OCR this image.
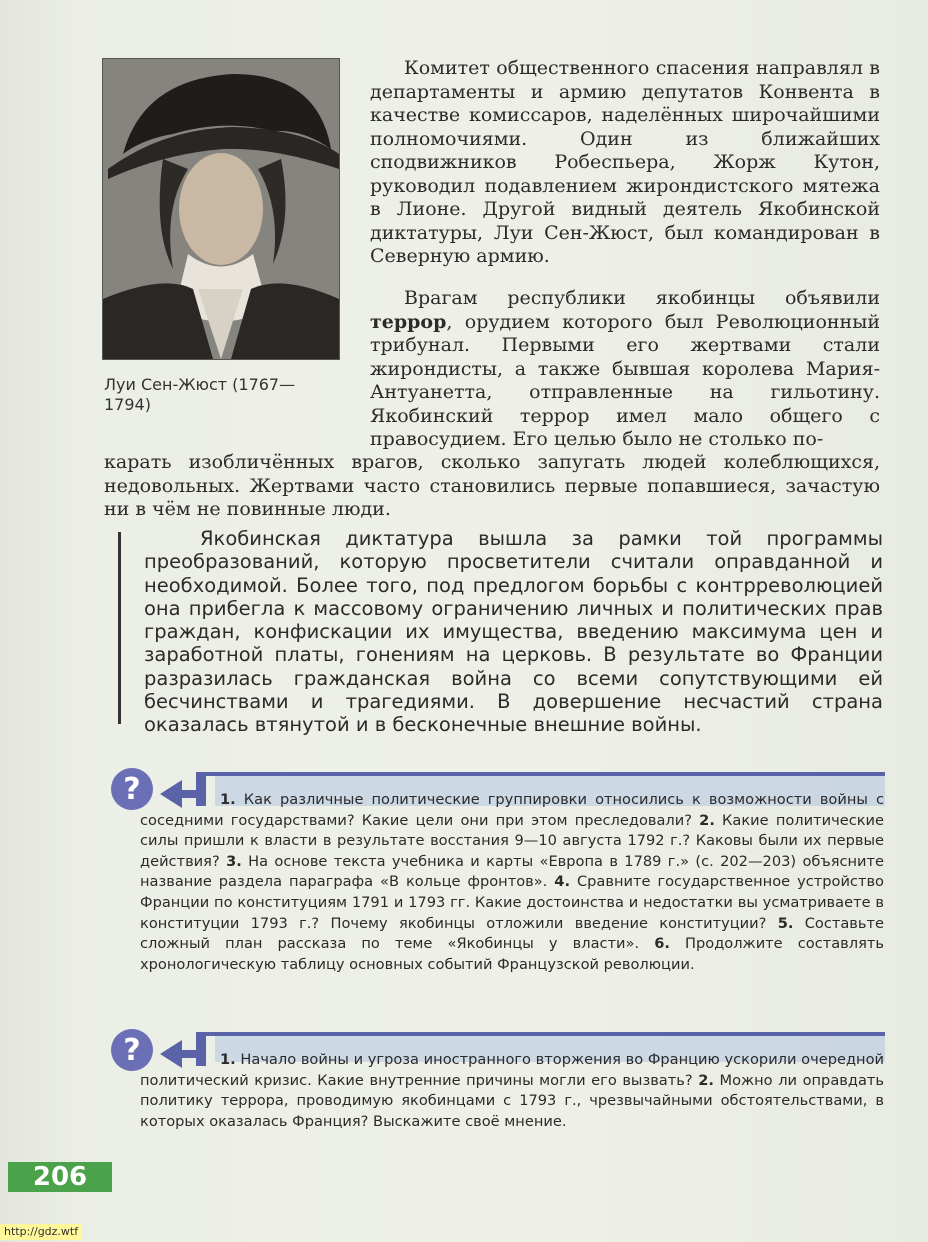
Луи Сен-Жюст (1767—
1794)
Комитет общественного спасения направлял в департаменты и армию депутатов Конвента в качестве комиссаров, наделённых широчайшими полномочиями. Один из ближайших сподвижников Робеспьера, Жорж Кутон, руководил подавлением жирондистского мятежа в Лионе. Другой видный деятель Якобинской диктатуры, Луи Сен-Жюст, был командирован в Северную армию.
Врагам республики якобинцы объявили террор, орудием которого был Революционный трибунал. Первыми его жертвами стали жирондисты, а также бывшая королева Мария-Антуанетта, отправленные на гильотину. Якобинский террор имел мало общего с правосудием. Его целью было не столько по-
карать изобличённых врагов, сколько запугать людей колеблющихся, недовольных. Жертвами часто становились первые попавшиеся, зачастую ни в чём не повинные люди.
Якобинская диктатура вышла за рамки той программы преобразований, которую просветители считали оправданной и необходимой. Более того, под предлогом борьбы с контрреволюцией она прибегла к массовому ограничению личных и политических прав граждан, конфискации их имущества, введению максимума цен и заработной платы, гонениям на церковь. В результате во Франции разразилась гражданская война со всеми сопутствующими ей бесчинствами и трагедиями. В довершение несчастий страна оказалась втянутой и в бесконечные внешние войны.
?	1. Как различные политические группировки относились к возможности войны с соседними государствами? Какие цели они при этом преследовали? 2. Какие политические силы пришли к власти в результате восстания 9—10 августа 1792 г.? Каковы были их первые действия? 3. На основе текста учебника и карты «Европа в 1789 г.» (с. 202—203) объясните название раздела параграфа «В кольце фронтов». 4. Сравните государственное устройство Франции по конституциям 1791 и 1793 гг. Какие достоинства и недостатки вы усматриваете в конституции 1793 г.? Почему якобинцы отложили введение конституции? 5. Составьте сложный план рассказа по теме «Якобинцы у власти». 6. Продолжите составлять хронологическую таблицу основных событий Французской революции.
?	1. Начало войны и угроза иностранного вторжения во Францию ускорили очередной политический кризис. Какие внутренние причины могли его вызвать? 2. Можно ли оправдать политику террора, проводимую якобинцами с 1793 г., чрезвычайными обстоятельствами, в которых оказалась Франция? Выскажите своё мнение.
206
http://gdz.wtf
